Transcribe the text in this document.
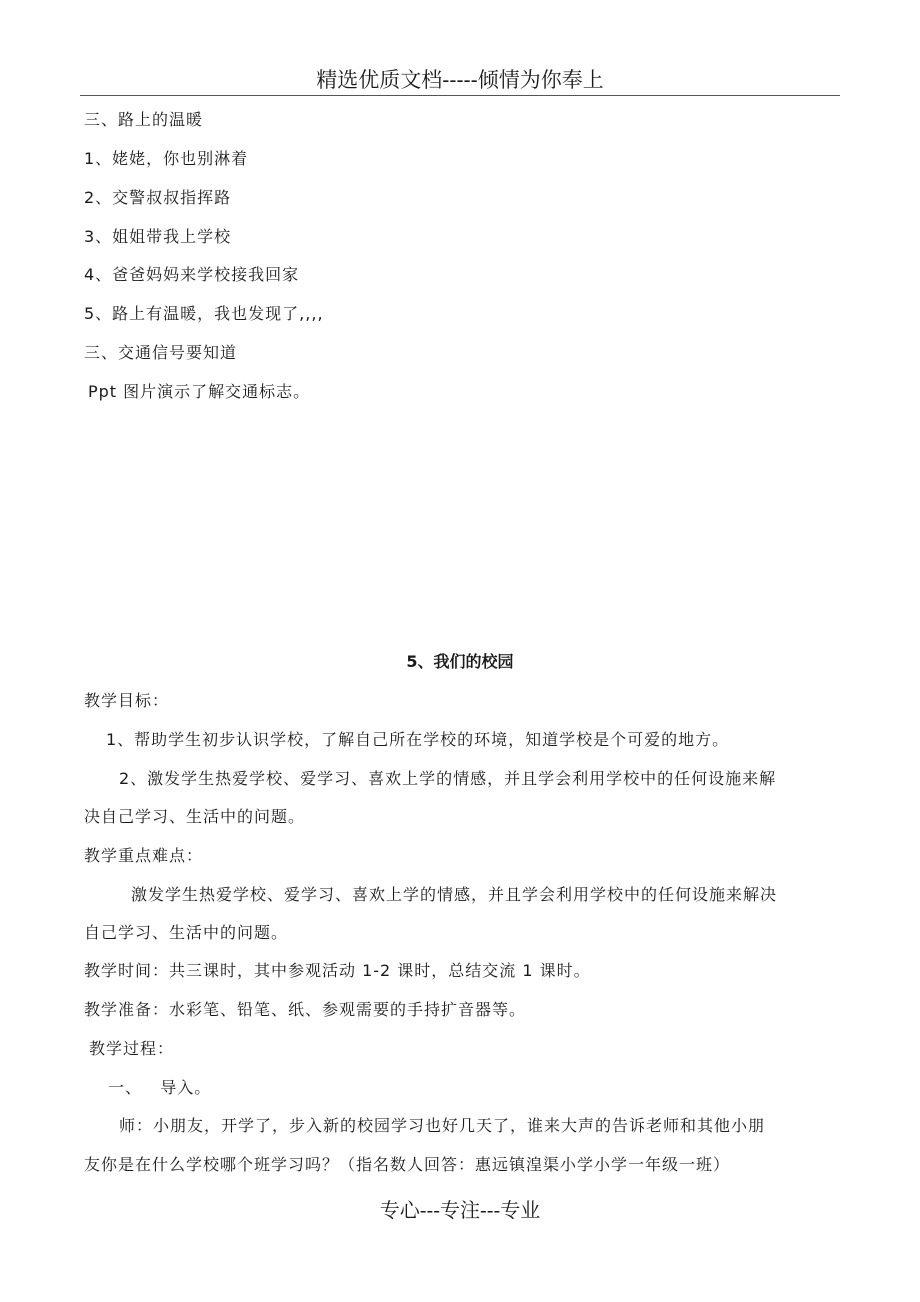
精选优质文档-----倾情为你奉上
三、路上的温暖
1、姥姥，你也别淋着
2、交警叔叔指挥路
3、姐姐带我上学校
4、爸爸妈妈来学校接我回家
5、路上有温暖，我也发现了,,,,
三、交通信号要知道
Ppt 图片演示了解交通标志。
5、我们的校园
教学目标：
1、帮助学生初步认识学校，了解自己所在学校的环境，知道学校是个可爱的地方。
2、激发学生热爱学校、爱学习、喜欢上学的情感，并且学会利用学校中的任何设施来解
决自己学习、生活中的问题。
教学重点难点：
激发学生热爱学校、爱学习、喜欢上学的情感，并且学会利用学校中的任何设施来解决
自己学习、生活中的问题。
教学时间：共三课时，其中参观活动 1-2 课时，总结交流 1 课时。
教学准备：水彩笔、铅笔、纸、参观需要的手持扩音器等。
教学过程：
一、   导入。
师：小朋友，开学了，步入新的校园学习也好几天了，谁来大声的告诉老师和其他小朋
友你是在什么学校哪个班学习吗？（指名数人回答：惠远镇湟渠小学小学一年级一班）
专心---专注---专业
